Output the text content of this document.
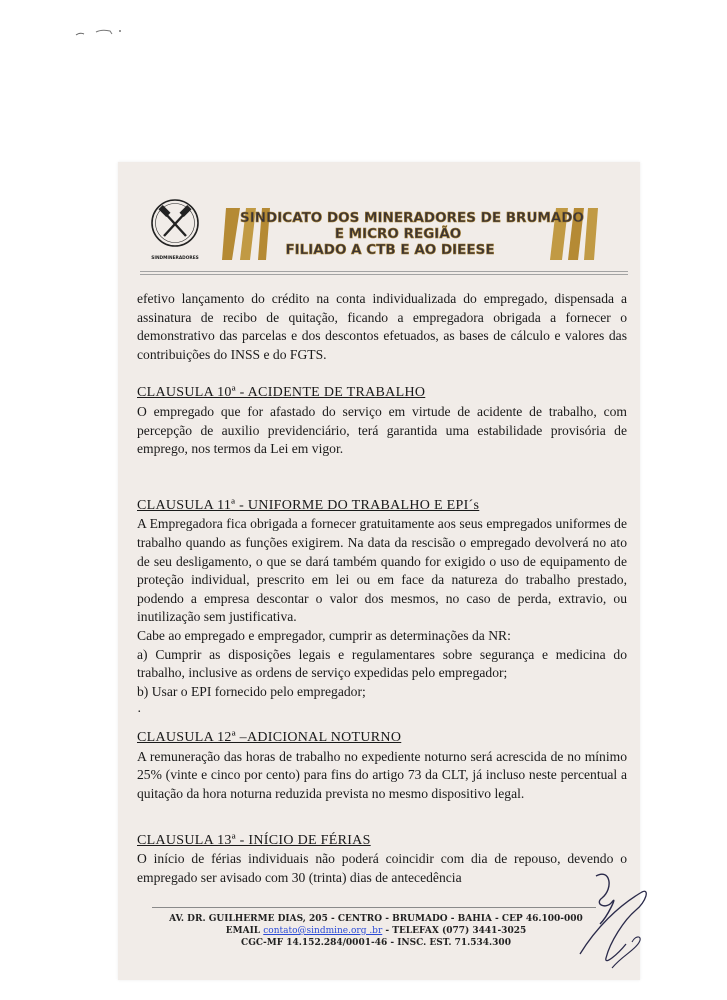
SINDMINERADORES
SINDICATO DOS MINERADORES DE BRUMADO
E MICRO REGIÃO
FILIADO A CTB E AO DIEESE

efetivo lançamento do crédito na conta individualizada do empregado, dispensada a assinatura de recibo de quitação, ficando a empregadora obrigada a fornecer o demonstrativo das parcelas e dos descontos efetuados, as bases de cálculo e valores das contribuições do INSS e do FGTS.

CLAUSULA 10ª - ACIDENTE DE TRABALHO

O empregado que for afastado do serviço em virtude de acidente de trabalho, com percepção de auxilio previdenciário, terá garantida uma estabilidade provisória de emprego, nos termos da Lei em vigor.

CLAUSULA 11ª - UNIFORME DO TRABALHO E EPI´s

A Empregadora fica obrigada a fornecer gratuitamente aos seus empregados uniformes de trabalho quando as funções exigirem. Na data da rescisão o empregado devolverá no ato de seu desligamento, o que se dará também quando for exigido o uso de equipamento de proteção individual, prescrito em lei ou em face da natureza do trabalho prestado, podendo a empresa descontar o valor dos mesmos, no caso de perda, extravio, ou inutilização sem justificativa.

Cabe ao empregado e empregador, cumprir as determinações da NR:

a) Cumprir as disposições legais e regulamentares sobre segurança e medicina do trabalho, inclusive as ordens de serviço expedidas pelo empregador;

b) Usar o EPI fornecido pelo empregador;

·

CLAUSULA 12ª –ADICIONAL NOTURNO

A remuneração das horas de trabalho no expediente noturno será acrescida de no mínimo 25% (vinte e cinco por cento) para fins do artigo 73 da CLT, já incluso neste percentual a quitação da hora noturna reduzida prevista no mesmo dispositivo legal.

CLAUSULA 13ª - INÍCIO DE FÉRIAS

O início de férias individuais não poderá coincidir com dia de repouso, devendo o empregado ser avisado com 30 (trinta) dias de antecedência

AV. DR. GUILHERME DIAS, 205 - CENTRO - BRUMADO - BAHIA - CEP 46.100-000
EMAIL contato@sindmine.org .br - TELEFAX (077) 3441-3025
CGC-MF 14.152.284/0001-46 - INSC. EST. 71.534.300
